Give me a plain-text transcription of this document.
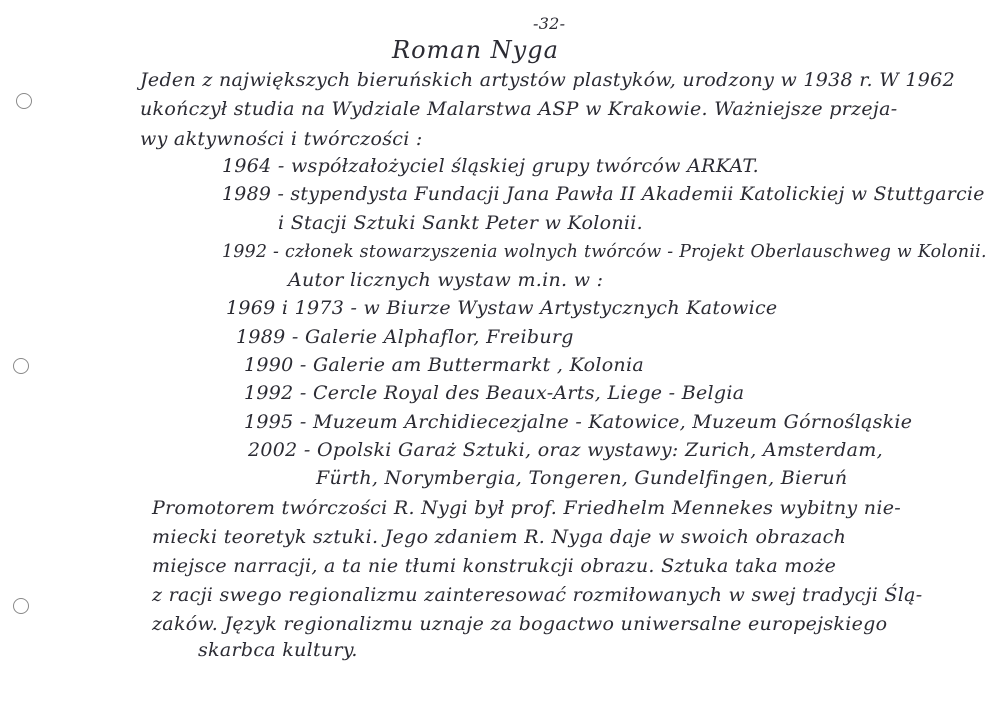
-32-
Roman Nyga
Jeden z największych bieruńskich artystów plastyków, urodzony w 1938 r. W 1962
ukończył studia na Wydziale Malarstwa ASP w Krakowie. Ważniejsze przeja-
wy aktywności i twórczości :
1964 - współzałożyciel śląskiej grupy twórców ARKAT.
1989 - stypendysta Fundacji Jana Pawła II Akademii Katolickiej w Stuttgarcie
i Stacji Sztuki Sankt Peter w Kolonii.
1992 - członek stowarzyszenia wolnych twórców - Projekt Oberlauschweg w Kolonii.
Autor licznych wystaw m.in. w :
1969 i 1973 - w Biurze Wystaw Artystycznych Katowice
1989 - Galerie Alphaflor, Freiburg
1990 - Galerie am Buttermarkt , Kolonia
1992 - Cercle Royal des Beaux-Arts, Liege - Belgia
1995 - Muzeum Archidiecezjalne - Katowice, Muzeum Górnośląskie
2002 - Opolski Garaż Sztuki, oraz wystawy: Zurich, Amsterdam,
Fürth, Norymbergia, Tongeren, Gundelfingen, Bieruń
Promotorem twórczości R. Nygi był prof. Friedhelm Mennekes wybitny nie-
miecki teoretyk sztuki. Jego zdaniem R. Nyga daje w swoich obrazach
miejsce narracji, a ta nie tłumi konstrukcji obrazu. Sztuka taka może
z racji swego regionalizmu zainteresować rozmiłowanych w swej tradycji Ślą-
zaków. Język regionalizmu uznaje za bogactwo uniwersalne europejskiego
skarbca kultury.
